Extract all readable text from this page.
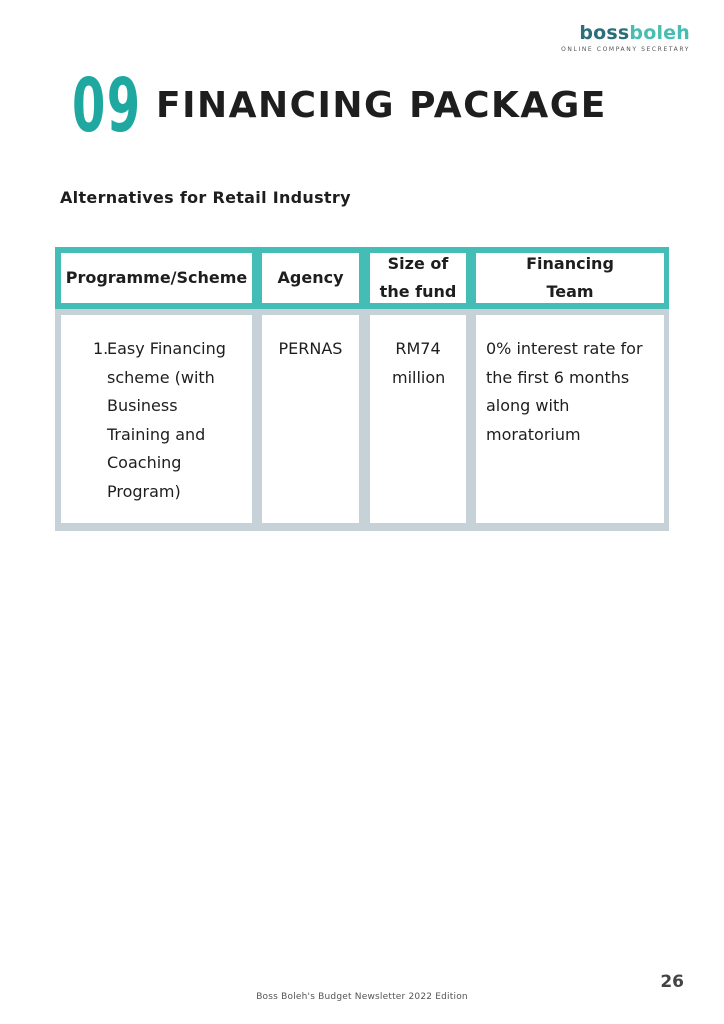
bossboleh
ONLINE COMPANY SECRETARY
09 FINANCING PACKAGE
Alternatives for Retail Industry
Programme/Scheme	Agency
Size of the fund
Financing Team
1.
Easy Financing scheme (with Business Training and Coaching Program)
PERNAS	RM74 million
0% interest rate for the first 6 months along with moratorium
26
Boss Boleh's Budget Newsletter 2022 Edition
